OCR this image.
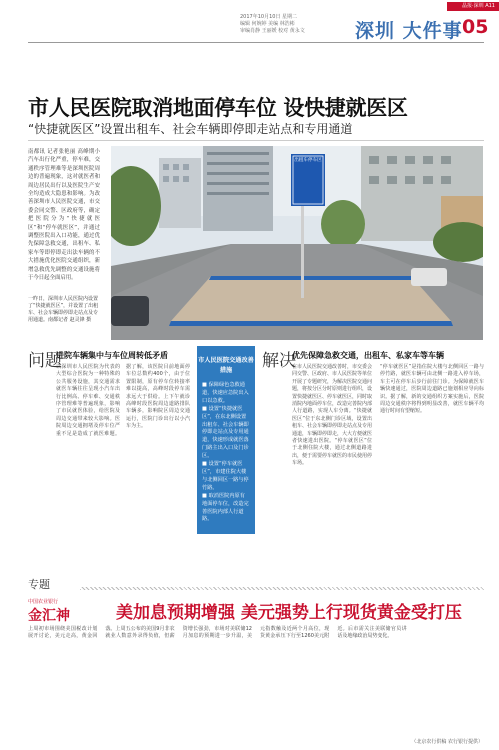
晶报·深圳 A11
2017年10月10日 星期二
编辑 何婉婷 美编 林浩彬
审编肖静 王丽媛 校对 黄永文	深圳 大件事 05
市人民医院取消地面停车位 设快捷就医区
“快捷就医区”设置出租车、社会车辆即停即走站点和专用通道
南都讯 记者张艳丽 高峰期小汽车出行化严重，停车难，交通秩序管理难等是深圳医院周边的普遍现象，这对就医者和周边居民出行以及医院生产安全均造成大隐患和影响。为改善深圳市人民医院交通，市交委会同交警、区政府等，确定把医院分为“快捷就医区”和“停车就医区”，并通过调整医院出入口功能，通过优先保障急救交通，出租车、私家车等即停即走出法车辆的不大措施优化医院交通组织，新增急救优先调整的交通设施将于今日起全面启用。
出租车停车区
一昨日，深圳市人民医院内设置了“快捷就医区”，并设置了出租车、社会车辆即停即走站点及专用通道。南都记者 赵灵锋 摄
问题
进院车辆集中与车位周转低矛盾
以深圳市人民医院为代表的大型综合医院为一种特殊的公共服务设施，其交通需求就医车辆往往呈现小汽车出行比例高、停车难、交通秩序管理难等普遍现象，影响了市民就医体验，给医院及周边交通带来较大影响。医院周边交通拥堵及停车位严重不足是造成了就医难题。据了解，该医院目前地面停车位总数约400个，由于位置限制，原有停车位转接率难以提高，高峰时段停车需求远大于供给。上下午就诊高峰时段医院周边道路排队车辆多，影响院区周边交通运行，医院门诊出行以小汽车为主。
市人民医院交通改善措施
■ 保障绿色急救通道，快速应急院出入口以急救。
■ 设置“快捷就医区”，在东北侧设置出租车、社会车辆即停即走站点及专用通道，快速形成就医落门路主出入口及门诊区。
■ 设置“停车就医区”，市建住院大楼与北侧回区一路与停竹路。
■ 取消医院内原有地面停车位，改造完善医院内部人行道路。
解决
优先保障急救交通，出租车、私家车等车辆
在市人民医院交通改善时，市交委会同交警、区政府、市人民医院等单位开展了专题研究，为解决医院交通问题，将按分区分时原则进行组织，设置快捷就医区、停车就医区，同时取消院内地面停车位，改造完善院内部人行道路，实现人车分离。“快捷就医区”位于东北侧门诊区域，设置出租车、社会车辆即停即走站点及专用通道，车辆即停即走，大大方便就医者快速进出医院。“停车就医区”位于北侧住院大楼，通过北侧道路进出，便于需要停车就医的市民使用停车场。
“停车就医区”是指住院大楼与北侧回区一路与停竹路，就医车辆可由北侧一路进入停车场，车主可在停车后步行前往门诊。为保障就医车辆快速通过，医院周边道路已施划相应导向标识。据了解，新的交通组织方案实施后，医院周边交通秩序将得到明显改善，就医车辆平均通行时间有望缩短。
专题
中国农业银行
金汇神	美加息预期增强 美元强势上行现货黄金受打压
上周初市场围绕美国税改计划展开讨论，美元走高，黄金回落。上周五公布的美国9月非农就业人数意外录得负值，但薪资增长强劲，市场对美联储12月加息的预期进一步升温，美元指数触及近两个月高位，现货黄金承压下行至1260美元附近。后市需关注美联储官员讲话及地缘政治局势变化。
（北京农行供稿 农行银行提供）
